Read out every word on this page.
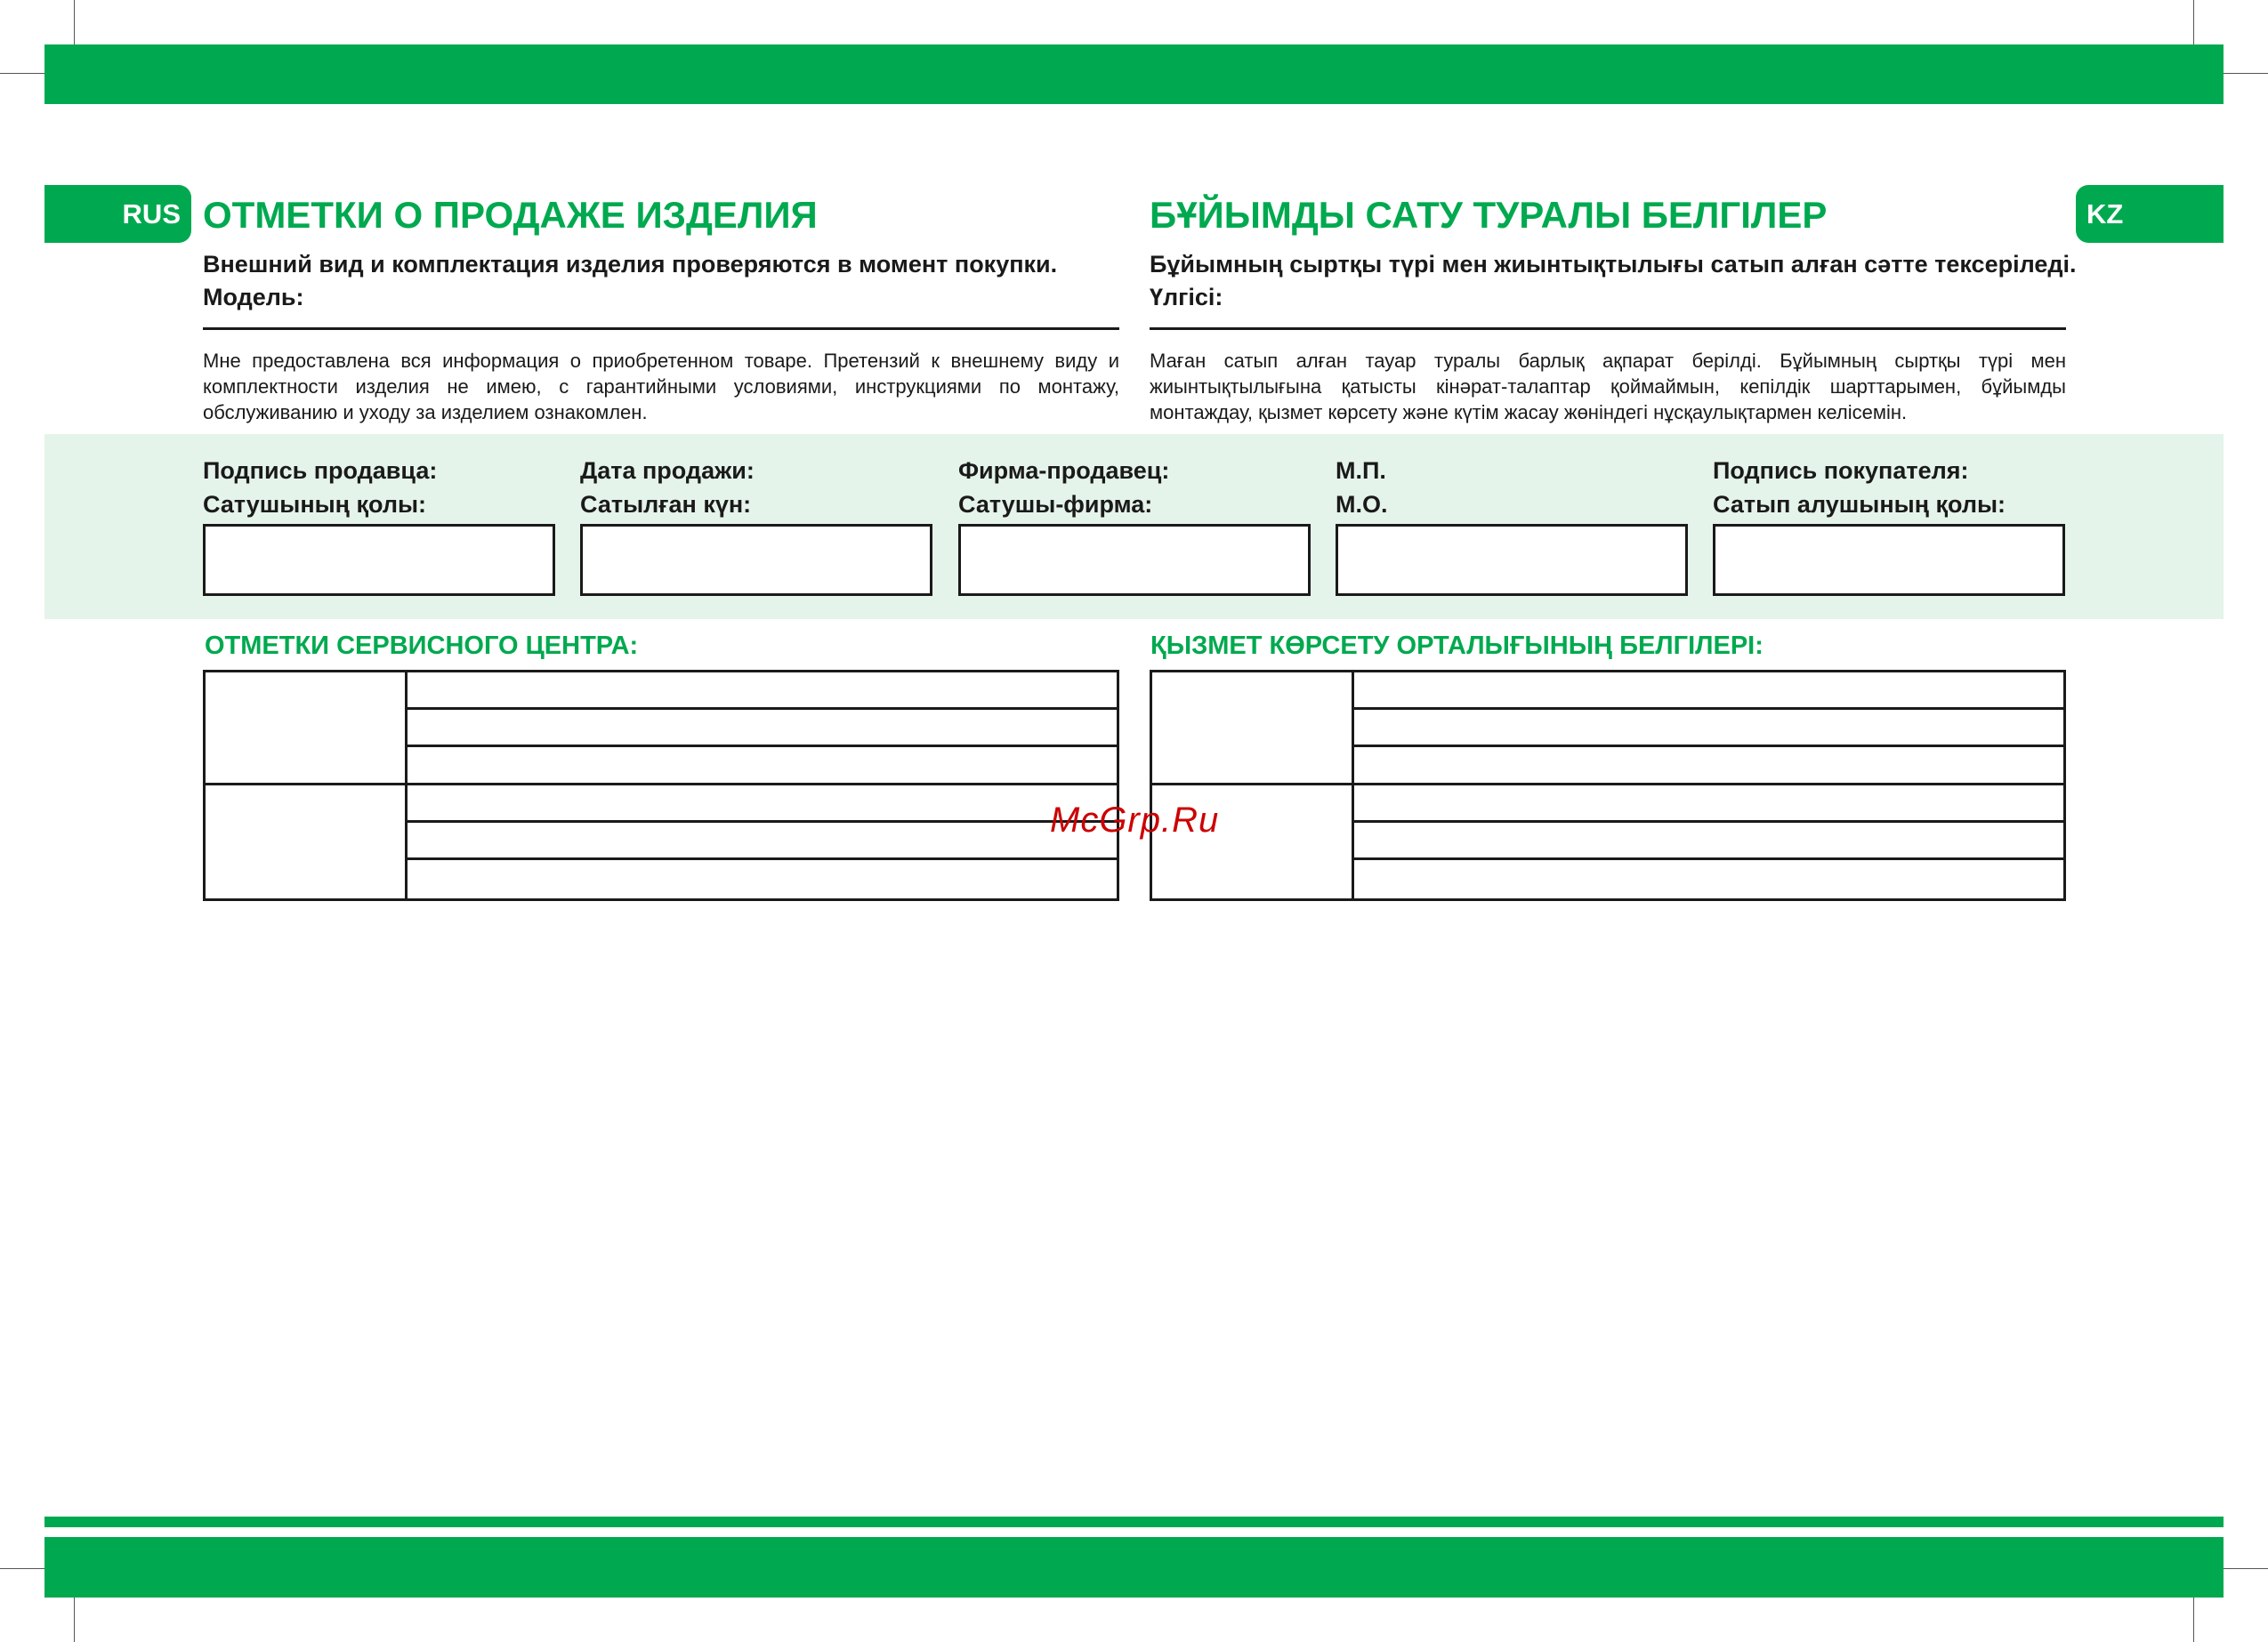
RUS	KZ
ОТМЕТКИ О ПРОДАЖЕ ИЗДЕЛИЯ
Внешний вид и комплектация изделия проверяются в момент покупки.
Модель:
Мне предоставлена вся информация о приобретенном товаре. Претензий к внешнему виду и комплектности изделия не имею, с гарантийными условиями, инструкциями по монтажу, обслуживанию и уходу за изделием ознакомлен.
БҰЙЫМДЫ САТУ ТУРАЛЫ БЕЛГІЛЕР
Бұйымның сыртқы түрі мен жиынтықтылығы сатып алған сәтте тексеріледі.
Үлгісі:
Маған сатып алған тауар туралы барлық ақпарат берілді. Бұйымның сыртқы түрі мен жиынтықтылығына қатысты кінәрат-талаптар қоймаймын, кепілдік шарттарымен, бұйымды монтаждау, қызмет көрсету және күтім жасау жөніндегі нұсқаулықтармен келісемін.
Подпись продавца:
Сатушының қолы:
Дата продажи:
Сатылған күн:
Фирма-продавец:
Сатушы-фирма:
М.П.
М.О.
Подпись покупателя:
Сатып алушының қолы:
ОТМЕТКИ СЕРВИСНОГО ЦЕНТРА:	ҚЫЗМЕТ КӨРСЕТУ ОРТАЛЫҒЫНЫҢ БЕЛГІЛЕРІ:
McGrp.Ru
